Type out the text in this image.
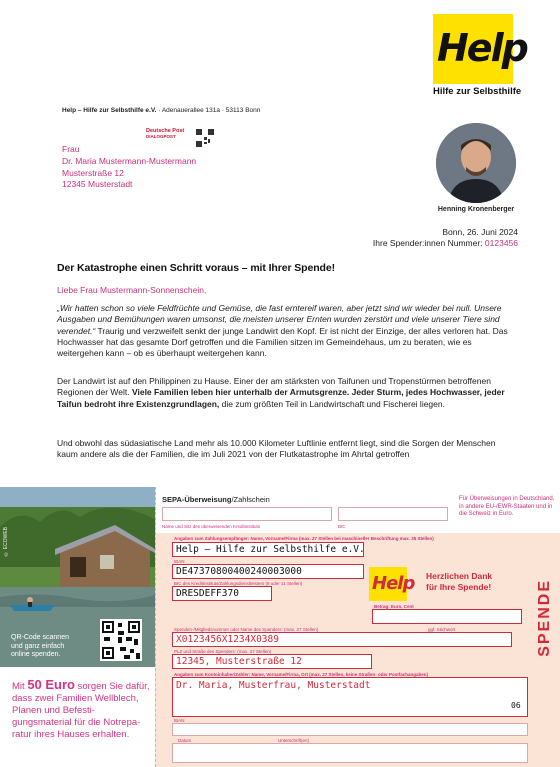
Help
Hilfe zur Selbsthilfe
Help – Hilfe zur Selbsthilfe e.V. · Adenauerallee 131a · 53113 Bonn
Deutsche Post
DIALOGPOST
Frau
Dr. Maria Mustermann-Mustermann
Musterstraße 12
12345 Musterstadt
Henning Kronenberger
Bonn, 26. Juni 2024
Ihre Spender:innen Nummer: 0123456
Der Katastrophe einen Schritt voraus – mit Ihrer Spende!
Liebe Frau Mustermann-Sonnenschein,
„Wir hatten schon so viele Feldfrüchte und Gemüse, die fast erntereif waren, aber jetzt sind wir wieder bei null. Unsere Ausgaben und Bemühungen waren umsonst, die meisten unserer Ernten wurden zerstört und viele unserer Tiere sind verendet.“ Traurig und verzweifelt senkt der junge Landwirt den Kopf. Er ist nicht der Einzige, der alles verloren hat. Das Hochwasser hat das gesamte Dorf getroffen und die Familien sitzen im Gemeindehaus, um zu beraten, wie es weitergehen kann – ob es überhaupt weitergehen kann.
Der Landwirt ist auf den Philippinen zu Hause. Einer der am stärksten von Taifunen und Tropenstürmen betroffenen Regionen der Welt. Viele Familien leben hier unterhalb der Armutsgrenze. Jeder Sturm, jedes Hochwasser, jeder Taifun bedroht ihre Existenzgrundlagen, die zum größten Teil in Landwirtschaft und Fischerei liegen.
Und obwohl das südasiatische Land mehr als 10.000 Kilometer Luftlinie entfernt liegt, sind die Sorgen der Menschen kaum andere als die der Familien, die im Juli 2021 von der Flutkatastrophe im Ahrtal getroffen
© ECOWEB
QR-Code scannen
und ganz einfach
online spenden.
Mit 50 Euro sorgen Sie dafür, dass zwei Familien Wellblech, Planen und Befesti-gungsmaterial für die Notrepa-ratur ihres Hauses erhalten.
SEPA-Überweisung/Zahlschein	Für Überweisungen in Deutschland, in andere EU-/EWR-Staaten und in die Schweiz in Euro.
Name und Sitz des überweisenden Kreditinstituts	BIC
Angaben zum Zahlungsempfänger: Name, Vorname/Firma (max. 27 Stellen bei maschineller Beschriftung max. 35 Stellen)
Help – Hilfe zur Selbsthilfe e.V.
IBAN
DE47370800400240003000
BIC des Kreditinstituts/Zahlungsdienstleisters (8 oder 11 Stellen)
DRESDEFF370	Help Herzlichen Dank
für Ihre Spende!	SPENDE
Betrag: Euro, Cent
Spenden-/Mitgliedsnummer oder Name des Spenders: (max. 27 Stellen)	ggf. Stichwort
X0123456X1234X0389
PLZ und Straße des Spenders: (max. 27 Stellen)
12345, Musterstraße 12
Angaben zum Kontoinhaber/Zahler: Name, Vorname/Firma, Ort (max. 27 Stellen, keine Straßen- oder Postfachangaben)
Dr. Maria, Musterfrau, Musterstadt
06
IBAN
Datum	Unterschrift(en)
